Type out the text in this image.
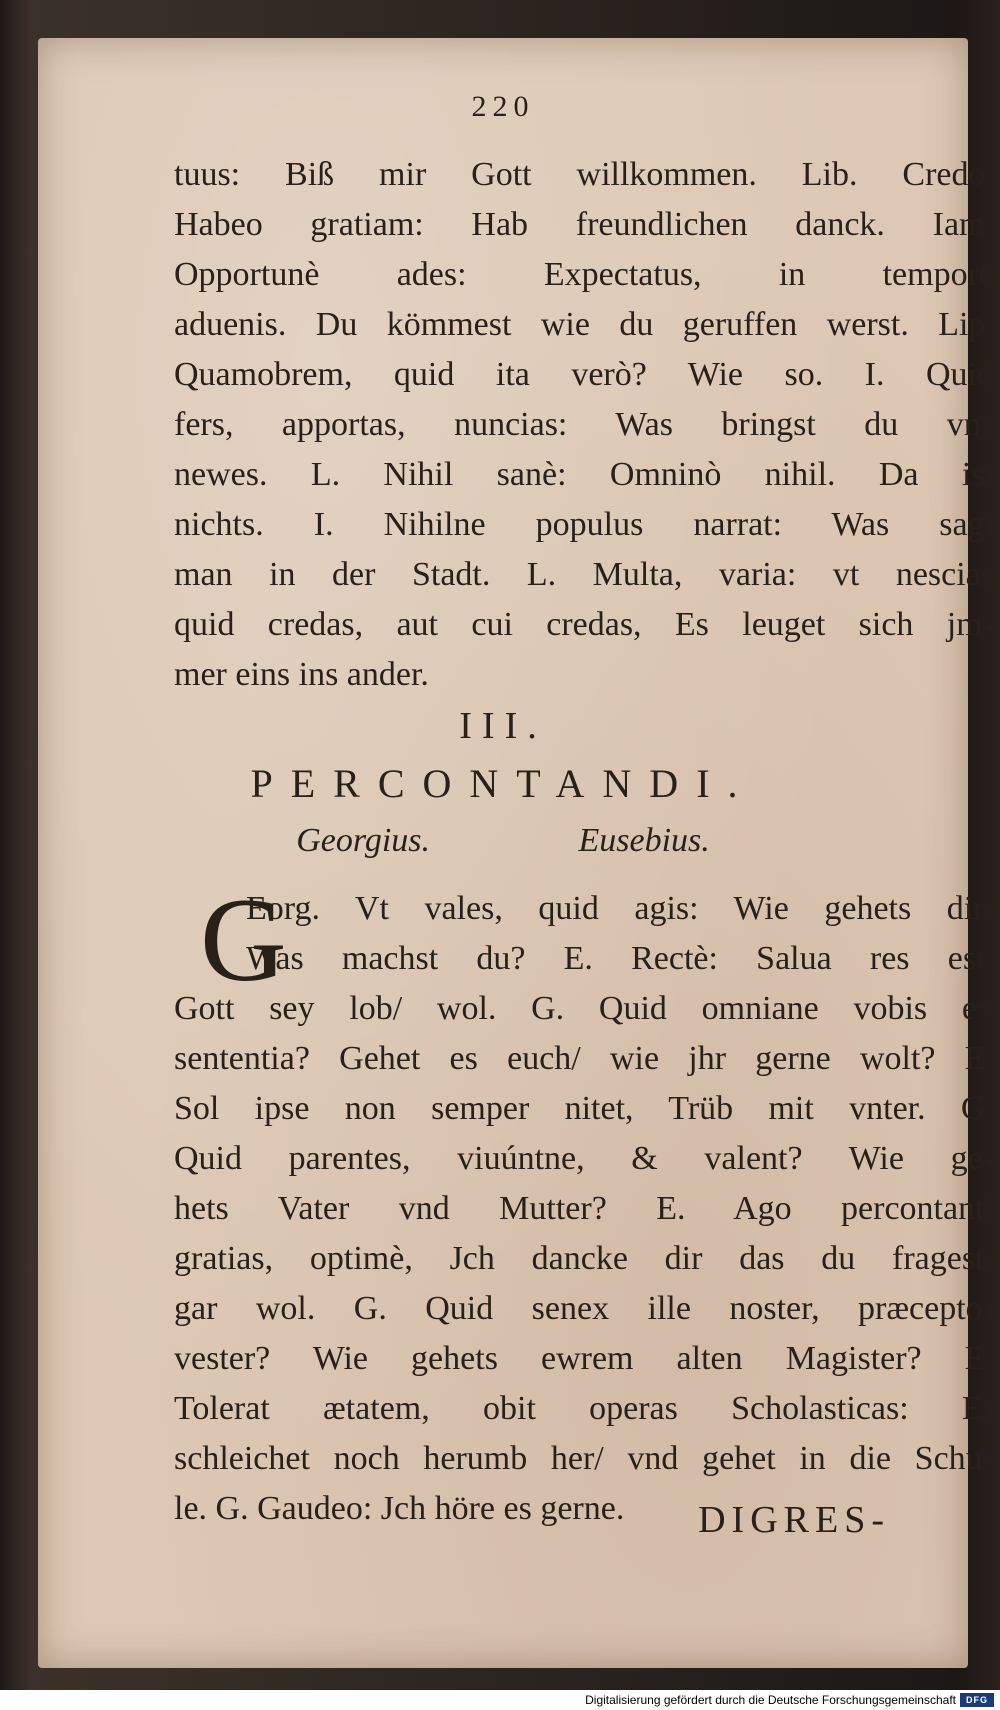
220
tuus: Biß mir Gott willkommen. Lib. Credo.
Habeo gratiam: Hab freundlichen danck. Iam.
Opportunè ades: Expectatus, in tempore
aduenis. Du kömmest wie du geruffen werst. Lip.
Quamobrem, quid ita verò? Wie so. I. Quid
fers, apportas, nuncias: Was bringst du vns
newes. L. Nihil sanè: Omninò nihil. Da ist
nichts. I. Nihilne populus narrat: Was sagt
man in der Stadt. L. Multa, varia: vt nescias
quid credas, aut cui credas, Es leuget sich jm-
mer eins ins ander.
III.
PERCONTANDI.
Georgius.	Eusebius.
G
Eorg. Vt vales, quid agis: Wie gehets dir/
Was machst du? E. Rectè: Salua res est,
Gott sey lob/ wol. G. Quid omniane vobis ex
sententia? Gehet es euch/ wie jhr gerne wolt? E.
Sol ipse non semper nitet, Trüb mit vnter. G.
Quid parentes, viuúntne, & valent? Wie ge-
hets Vater vnd Mutter? E. Ago percontanti
gratias, optimè, Jch dancke dir das du fragest/
gar wol. G. Quid senex ille noster, præceptor
vester? Wie gehets ewrem alten Magister? E.
Tolerat ætatem, obit operas Scholasticas: Er
schleichet noch herumb her/ vnd gehet in die Schu-
le. G. Gaudeo: Jch höre es gerne.	DIGRES-
Digitalisierung gefördert durch die Deutsche Forschungsgemeinschaft	DFG
